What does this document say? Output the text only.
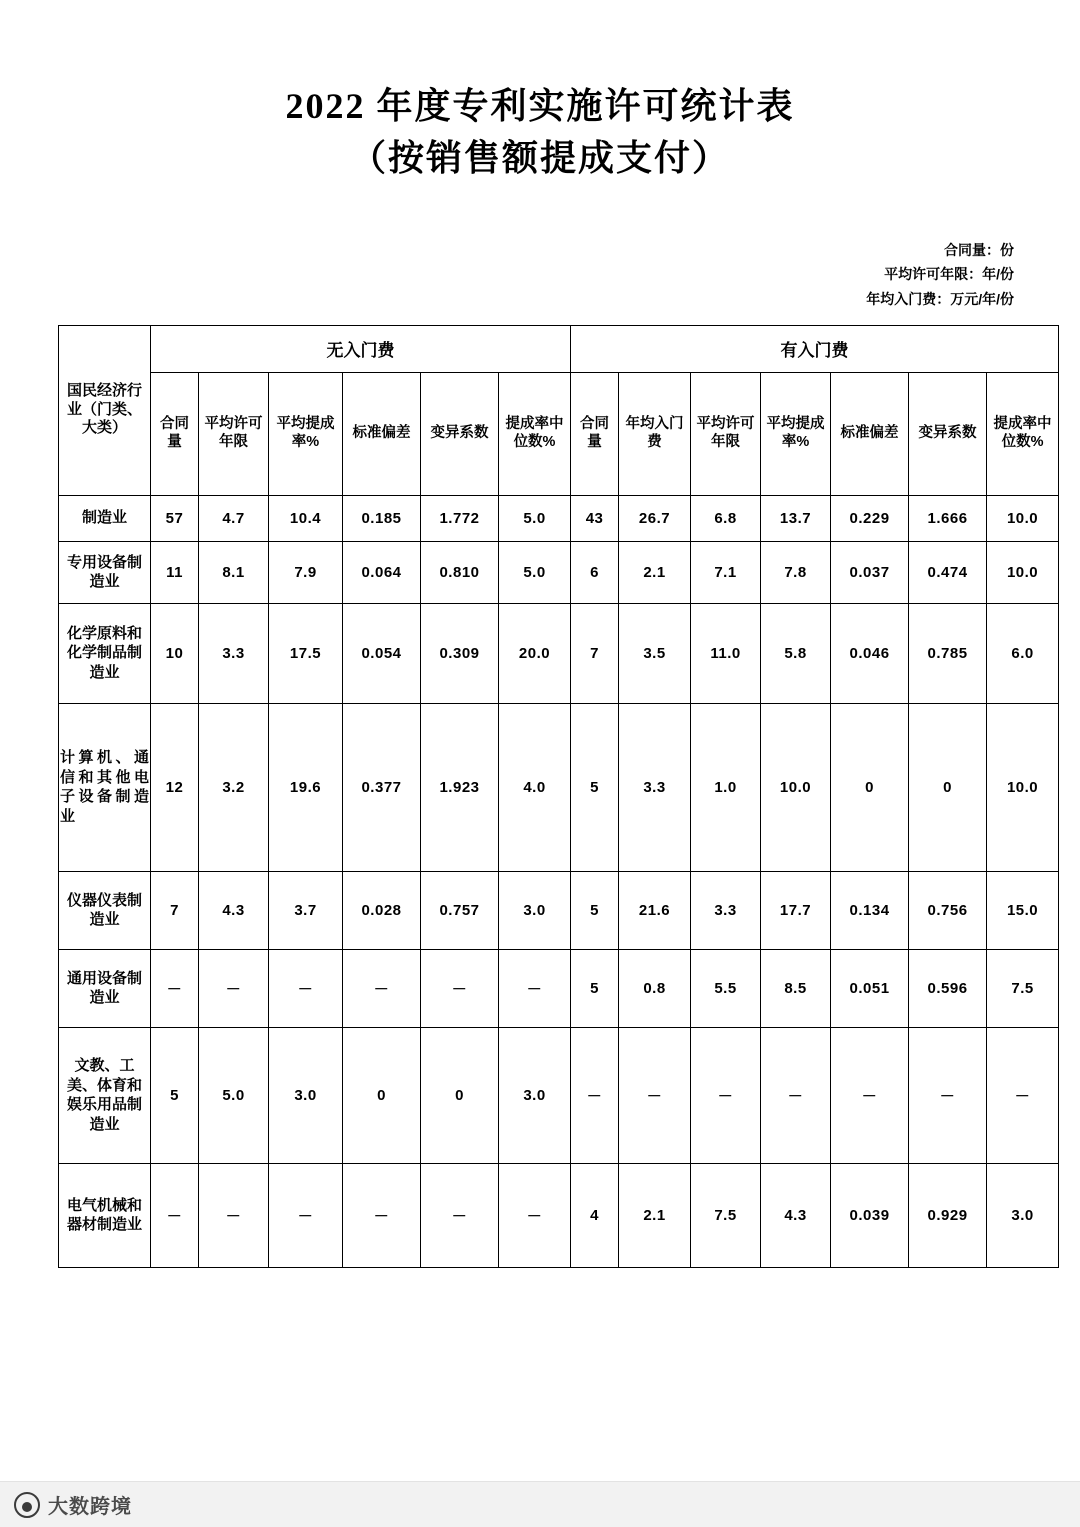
2022 年度专利实施许可统计表
（按销售额提成支付）
合同量：份
平均许可年限：年/份
年均入门费：万元/年/份
国民经济行业（门类、大类）	无入门费						有入门费						
	合同量	平均许可年限	平均提成率%	标准偏差	变异系数	提成率中位数%	合同量	年均入门费	平均许可年限	平均提成率%	标准偏差	变异系数	提成率中位数%
制造业	57	4.7	10.4	0.185	1.772	5.0	43	26.7	6.8	13.7	0.229	1.666	10.0
专用设备制造业	11	8.1	7.9	0.064	0.810	5.0	6	2.1	7.1	7.8	0.037	0.474	10.0
化学原料和化学制品制造业	10	3.3	17.5	0.054	0.309	20.0	7	3.5	11.0	5.8	0.046	0.785	6.0
计算机、通信和其他电子设备制造业	12	3.2	19.6	0.377	1.923	4.0	5	3.3	1.0	10.0	0	0	10.0
仪器仪表制造业	7	4.3	3.7	0.028	0.757	3.0	5	21.6	3.3	17.7	0.134	0.756	15.0
通用设备制造业	－	－	－	－	－	－	5	0.8	5.5	8.5	0.051	0.596	7.5
文教、工美、体育和娱乐用品制造业	5	5.0	3.0	0	0	3.0	－	－	－	－	－	－	－
电气机械和器材制造业	－	－	－	－	－	－	4	2.1	7.5	4.3	0.039	0.929	3.0
大数跨境
